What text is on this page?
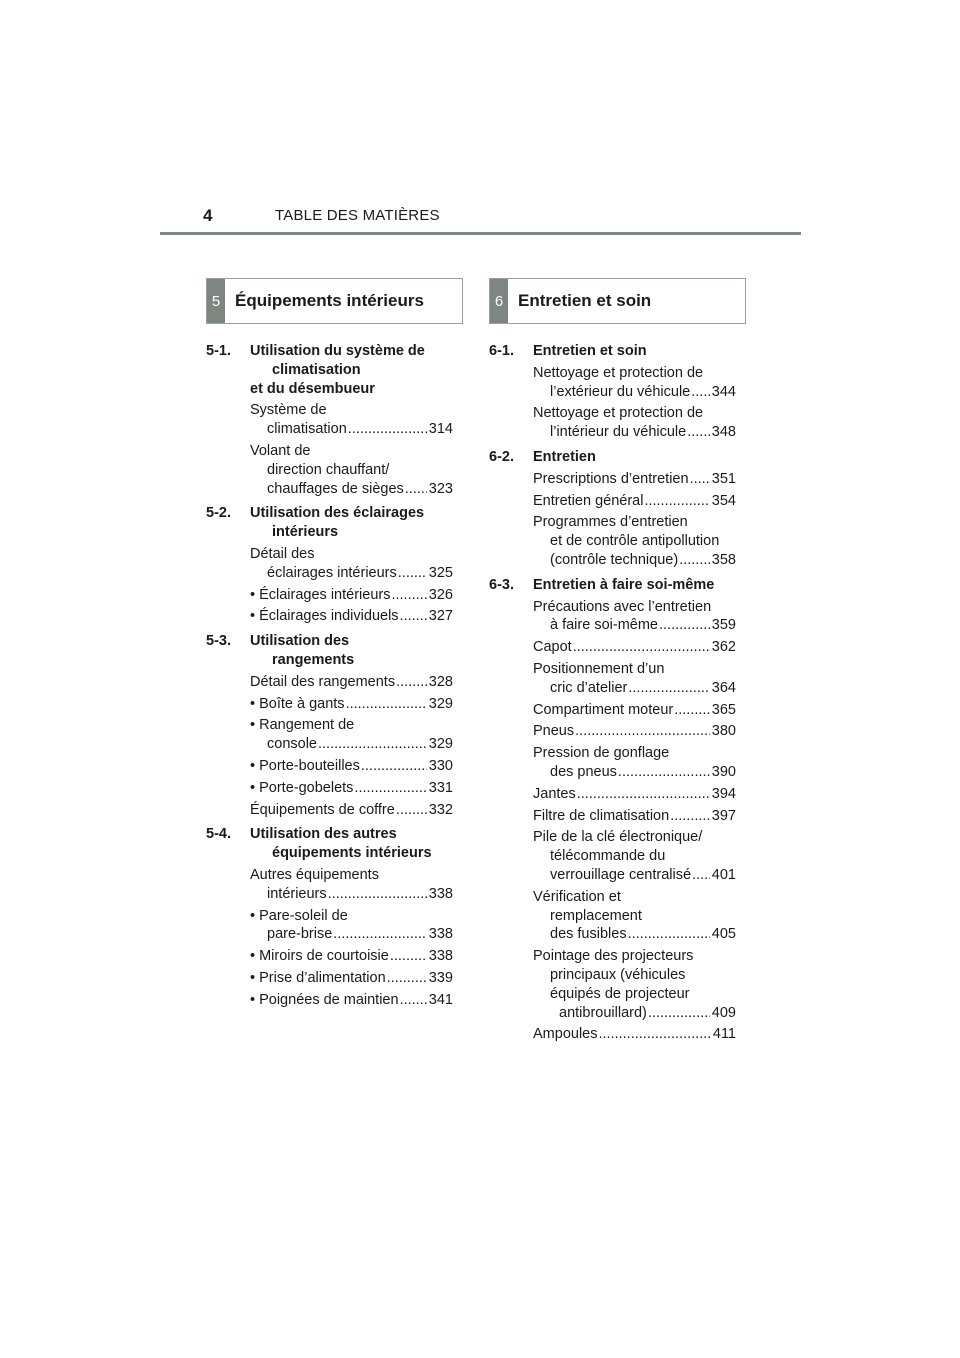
4	TABLE DES MATIÈRES
5 Équipements intérieurs	6 Entretien et soin
5-1. Utilisation du système de
climatisation
et du désembueur
Système de
climatisation .....	314
Volant de
direction chauffant/
chauffages de sièges ..... 323
5-2. Utilisation des éclairages
intérieurs
Détail des
éclairages intérieurs ..... 325
• Éclairages intérieurs .....	326
• Éclairages individuels ..... 327
5-3. Utilisation des
rangements
Détail des rangements ..... 328
• Boîte à gants .....	329
• Rangement de
console .....	329
• Porte-bouteilles .....	330
• Porte-gobelets .....	331
Équipements de coffre ..... 332
5-4. Utilisation des autres
équipements intérieurs
Autres équipements
intérieurs .....	338
• Pare-soleil de
pare-brise .....	338
• Miroirs de courtoisie .....	338
• Prise d’alimentation .....	339
• Poignées de maintien ..... 341
6-1. Entretien et soin
Nettoyage et protection de
l’extérieur du véhicule ..... 344
Nettoyage et protection de
l’intérieur du véhicule ..... 348
6-2. Entretien
Prescriptions d’entretien ..... 351
Entretien général .....	354
Programmes d’entretien
et de contrôle antipollution
(contrôle technique) ..... 358
6-3. Entretien à faire soi-même
Précautions avec l’entretien
à faire soi-même .....	359
Capot .....	362
Positionnement d’un
cric d’atelier .....	364
Compartiment moteur .....	365
Pneus .....	380
Pression de gonflage
des pneus .....	390
Jantes .....	394
Filtre de climatisation .....	397
Pile de la clé électronique/
télécommande du
verrouillage centralisé ..... 401
Vérification et
remplacement
des fusibles .....	405
Pointage des projecteurs
principaux (véhicules
équipés de projecteur
antibrouillard) .....	409
Ampoules .....	411
